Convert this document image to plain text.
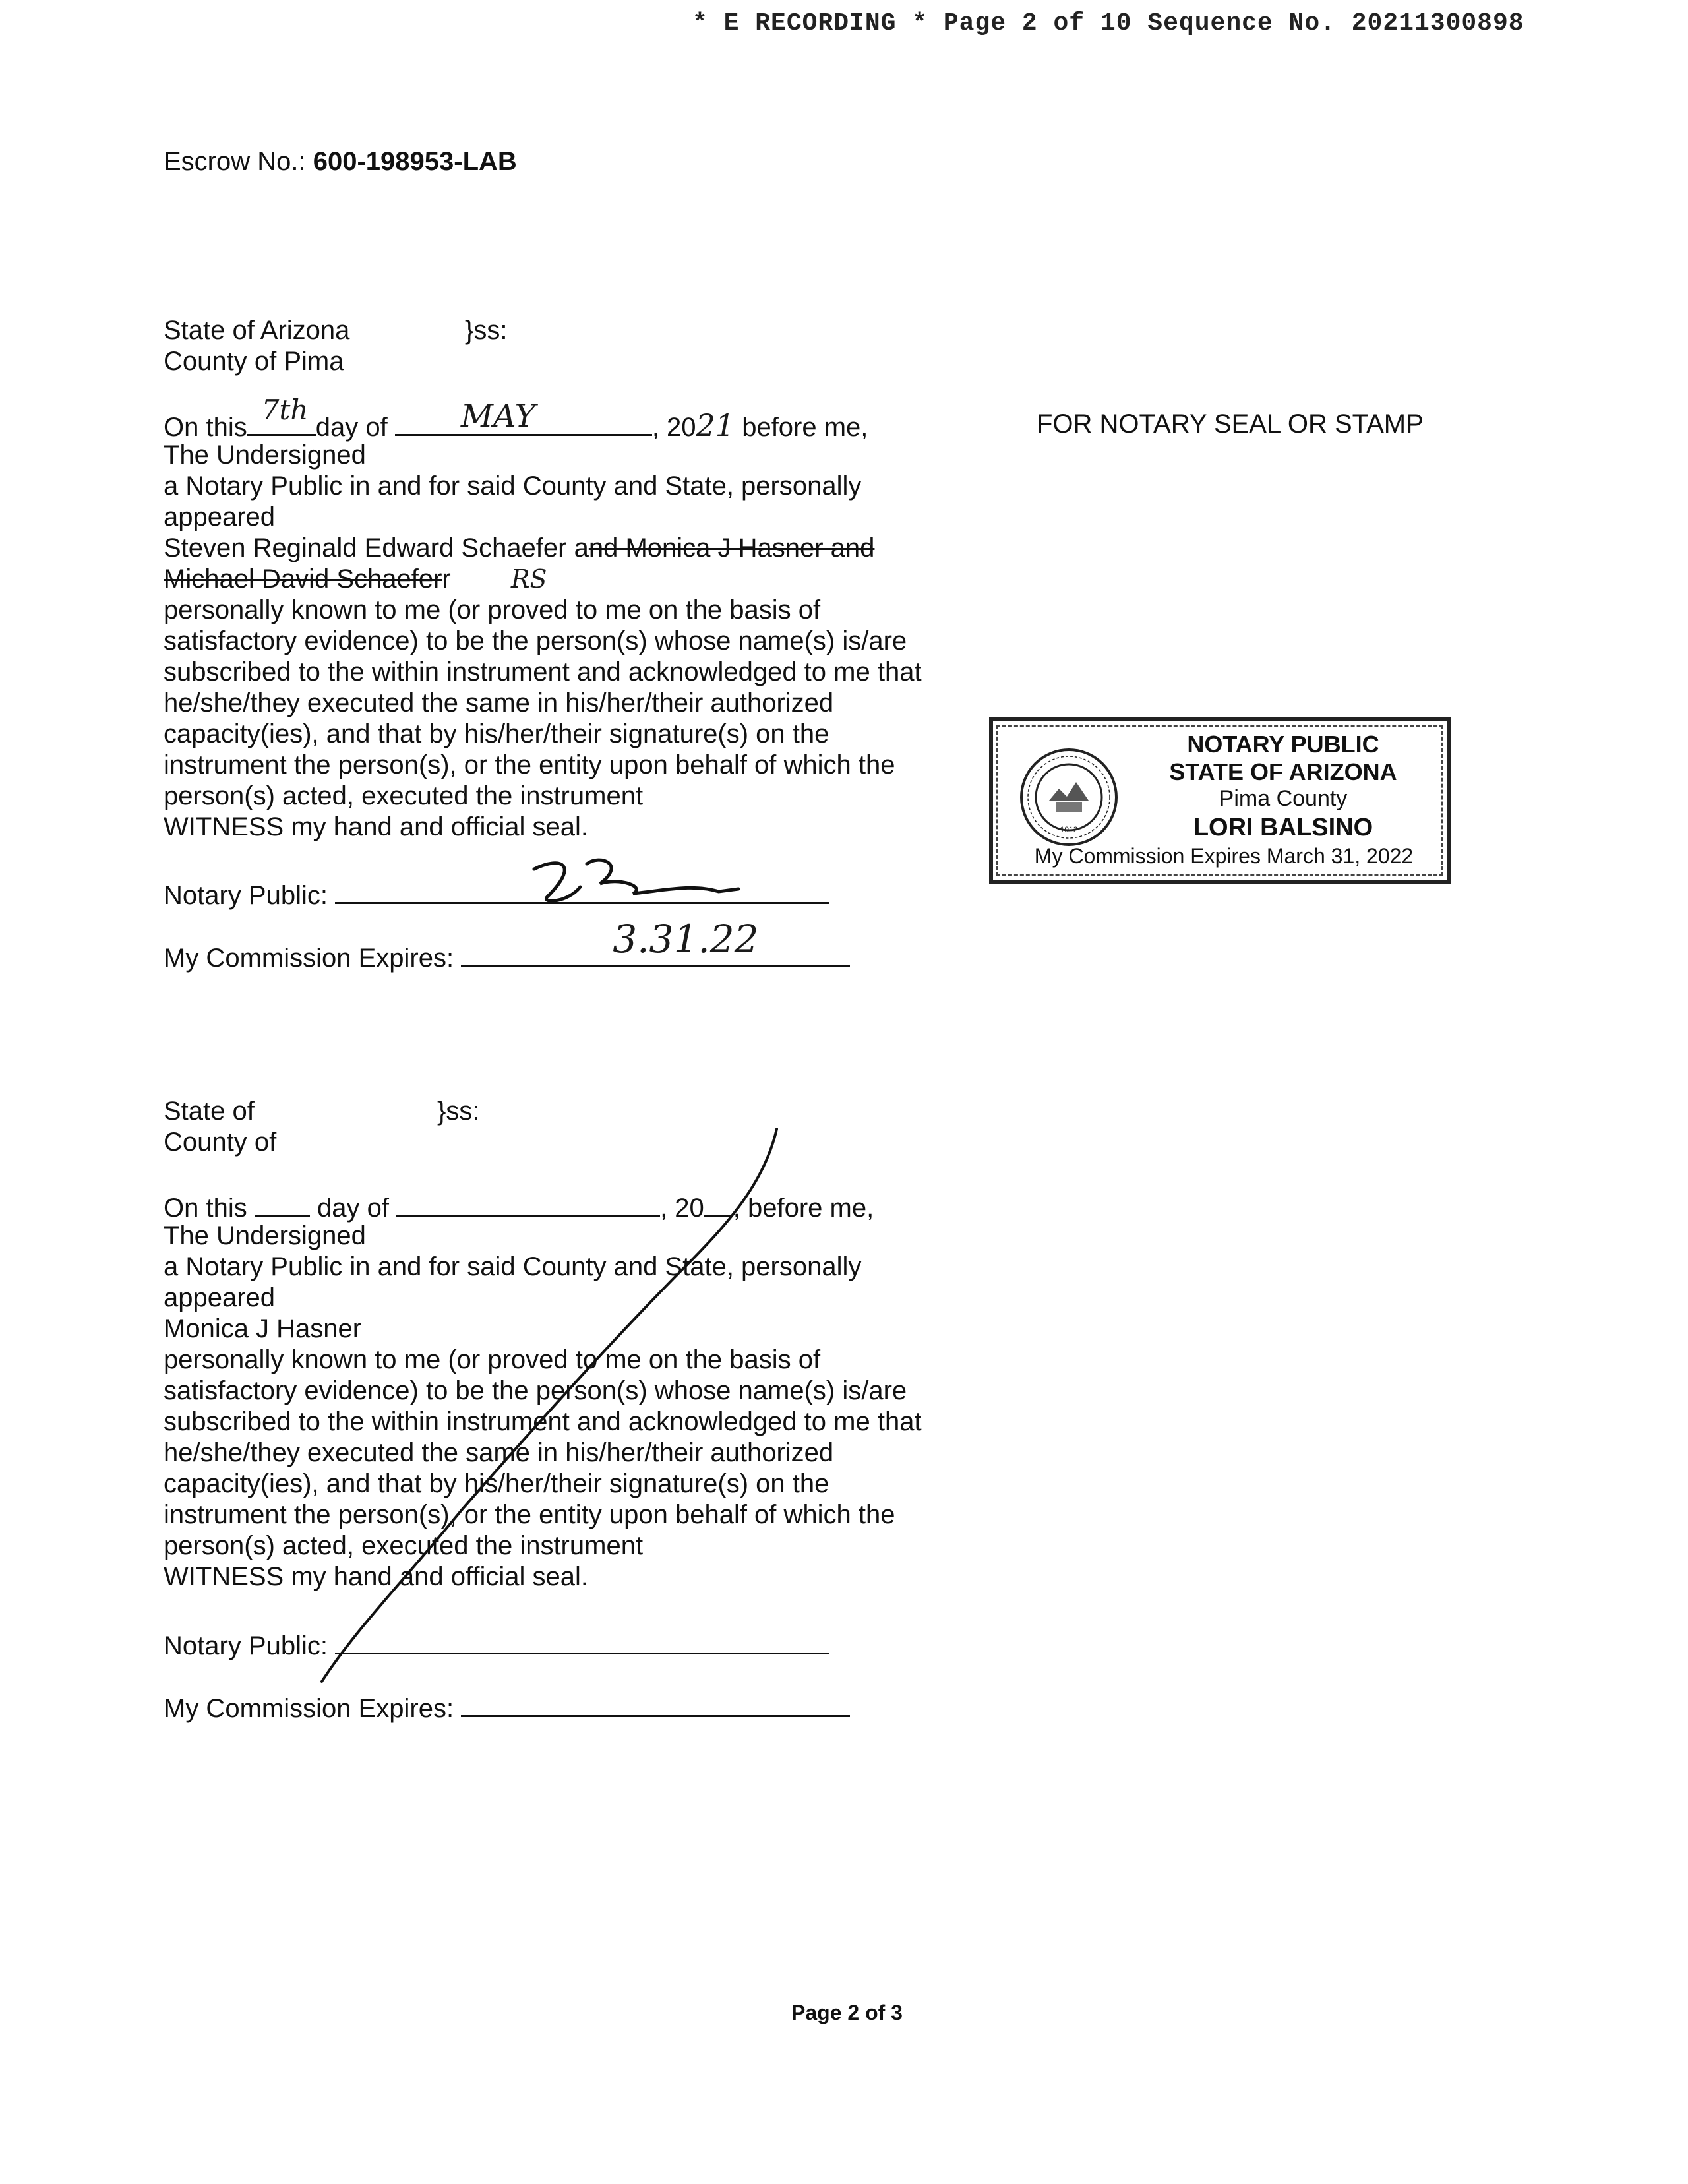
* E RECORDING * Page 2 of 10 Sequence No. 20211300898
Escrow No.: 600-198953-LAB
State of Arizona	}ss:
County of Pima
On this
7th
day of MAY	, 2021 before me,
The Undersigned
a Notary Public in and for said County and State, personally
appeared
Steven Reginald Edward Schaefer and Monica J Hasner and
Michael David Schaeferr RS
personally known to me (or proved to me on the basis of
satisfactory evidence) to be the person(s) whose name(s) is/are
subscribed to the within instrument and acknowledged to me that
he/she/they executed the same in his/her/their authorized
capacity(ies), and that by his/her/their signature(s) on the
instrument the person(s), or the entity upon behalf of which the
person(s) acted, executed the instrument
WITNESS my hand and official seal.
Notary Public:
My Commission Expires:	3.31.22
FOR NOTARY SEAL OR STAMP
1912
NOTARY PUBLIC
STATE OF ARIZONA
Pima County
LORI BALSINO
My Commission Expires March 31, 2022
State of	}ss:
County of
On this	day of	, 20 , before me,
The Undersigned
a Notary Public in and for said County and State, personally
appeared
Monica J Hasner
personally known to me (or proved to me on the basis of
satisfactory evidence) to be the person(s) whose name(s) is/are
subscribed to the within instrument and acknowledged to me that
he/she/they executed the same in his/her/their authorized
capacity(ies), and that by his/her/their signature(s) on the
instrument the person(s), or the entity upon behalf of which the
person(s) acted, executed the instrument
WITNESS my hand and official seal.
Notary Public:
My Commission Expires:
Page 2 of 3
